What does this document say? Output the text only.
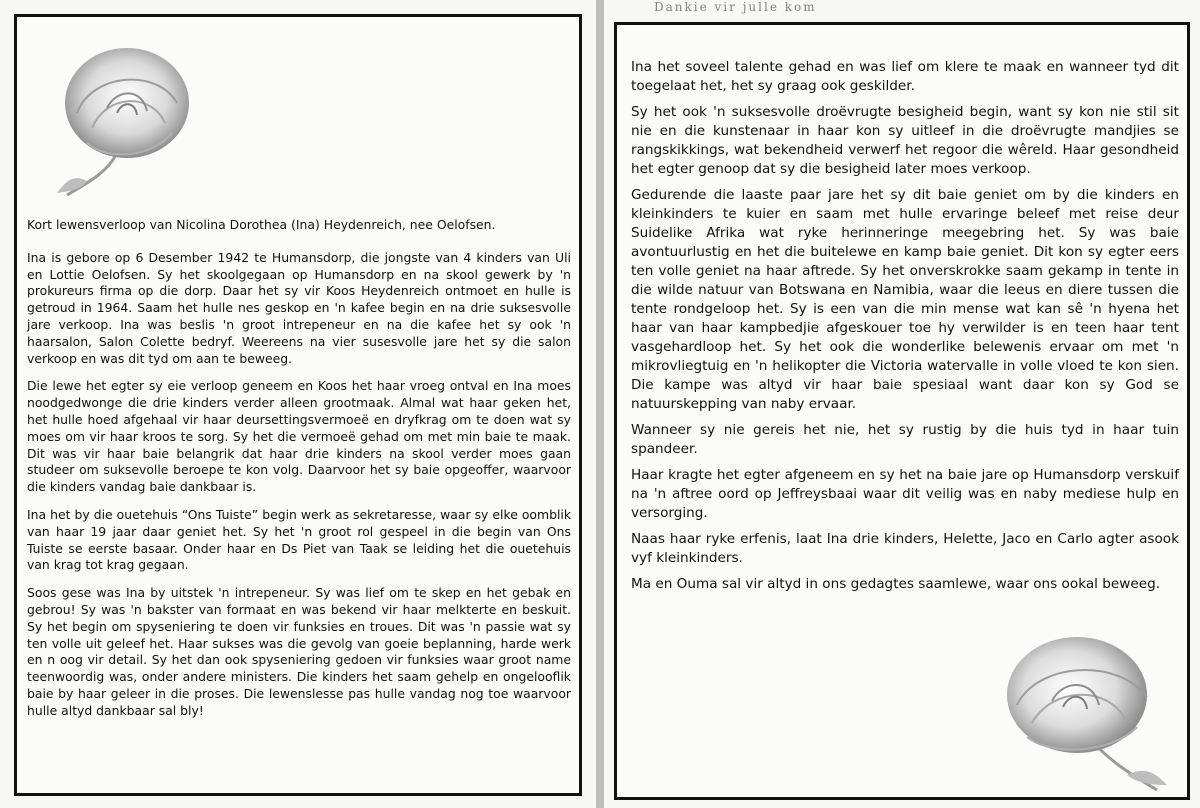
Kort lewensverloop van Nicolina Dorothea (Ina) Heydenreich, nee Oelofsen.

Ina is gebore op 6 Desember 1942 te Humansdorp, die jongste van 4 kinders van Uli en Lottie Oelofsen. Sy het skoolgegaan op Humansdorp en na skool gewerk by 'n prokureurs firma op die dorp. Daar het sy vir Koos Heydenreich ontmoet en hulle is getroud in 1964. Saam het hulle nes geskop en 'n kafee begin en na drie suksesvolle jare verkoop. Ina was beslis 'n groot intrepeneur en na die kafee het sy ook 'n haarsalon, Salon Colette bedryf. Weereens na vier susesvolle jare het sy die salon verkoop en was dit tyd om aan te beweeg.

Die lewe het egter sy eie verloop geneem en Koos het haar vroeg ontval en Ina moes noodgedwonge die drie kinders verder alleen grootmaak. Almal wat haar geken het, het hulle hoed afgehaal vir haar deursettingsvermoeë en dryfkrag om te doen wat sy moes om vir haar kroos te sorg. Sy het die vermoeë gehad om met min baie te maak. Dit was vir haar baie belangrik dat haar drie kinders na skool verder moes gaan studeer om suksevolle beroepe te kon volg. Daarvoor het sy baie opgeoffer, waarvoor die kinders vandag baie dankbaar is.

Ina het by die ouetehuis “Ons Tuiste” begin werk as sekretaresse, waar sy elke oomblik van haar 19 jaar daar geniet het. Sy het 'n groot rol gespeel in die begin van Ons Tuiste se eerste basaar. Onder haar en Ds Piet van Taak se leiding het die ouetehuis van krag tot krag gegaan.

Soos gese was Ina by uitstek 'n intrepeneur. Sy was lief om te skep en het gebak en gebrou! Sy was 'n bakster van formaat en was bekend vir haar melkterte en beskuit. Sy het begin om spyseniering te doen vir funksies en troues. Dit was 'n passie wat sy ten volle uit geleef het. Haar sukses was die gevolg van goeie beplanning, harde werk en n oog vir detail. Sy het dan ook spyseniering gedoen vir funksies waar groot name teenwoordig was, onder andere ministers. Die kinders het saam gehelp en ongelooflik baie by haar geleer in die proses. Die lewenslesse pas hulle vandag nog toe waarvoor hulle altyd dankbaar sal bly!

Dankie vir julle kom

Ina het soveel talente gehad en was lief om klere te maak en wanneer tyd dit toegelaat het, het sy graag ook geskilder.

Sy het ook 'n suksesvolle droëvrugte besigheid begin, want sy kon nie stil sit nie en die kunstenaar in haar kon sy uitleef in die droëvrugte mandjies se rangskikkings, wat bekendheid verwerf het regoor die wêreld. Haar gesondheid het egter genoop dat sy die besigheid later moes verkoop.

Gedurende die laaste paar jare het sy dit baie geniet om by die kinders en kleinkinders te kuier en saam met hulle ervaringe beleef met reise deur Suidelike Afrika wat ryke herinneringe meegebring het. Sy was baie avontuurlustig en het die buitelewe en kamp baie geniet. Dit kon sy egter eers ten volle geniet na haar aftrede. Sy het onverskrokke saam gekamp in tente in die wilde natuur van Botswana en Namibia, waar die leeus en diere tussen die tente rondgeloop het. Sy is een van die min mense wat kan sê 'n hyena het haar van haar kampbedjie afgeskouer toe hy verwilder is en teen haar tent vasgehardloop het. Sy het ook die wonderlike belewenis ervaar om met 'n mikrovliegtuig en 'n helikopter die Victoria watervalle in volle vloed te kon sien. Die kampe was altyd vir haar baie spesiaal want daar kon sy God se natuurskepping van naby ervaar.

Wanneer sy nie gereis het nie, het sy rustig by die huis tyd in haar tuin spandeer.

Haar kragte het egter afgeneem en sy het na baie jare op Humansdorp verskuif na 'n aftree oord op Jeffreysbaai waar dit veilig was en naby mediese hulp en versorging.

Naas haar ryke erfenis, laat Ina drie kinders, Helette, Jaco en Carlo agter asook vyf kleinkinders.

Ma en Ouma sal vir altyd in ons gedagtes saamlewe, waar ons ookal beweeg.
